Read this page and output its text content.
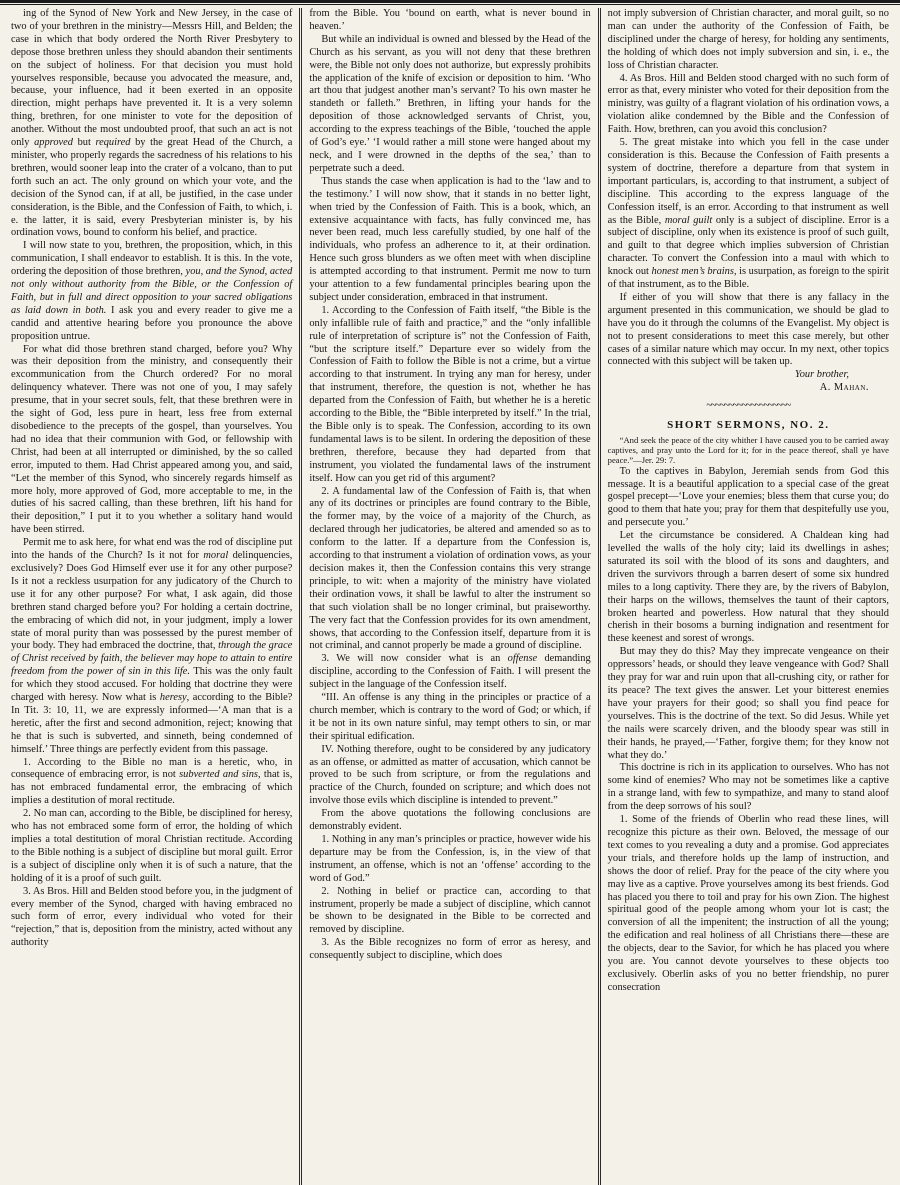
ing of the Synod of New York and New Jersey, in the case of two of your brethren in the ministry—Messrs Hill, and Belden; the case in which that body ordered the North River Presbytery to depose those brethren unless they should abandon their sentiments on the subject of holiness. For that decision you must hold yourselves responsible, because you advocated the measure, and, because, your influence, had it been exerted in an opposite direction, might perhaps have prevented it. It is a very solemn thing, brethren, for one minister to vote for the deposition of another. Without the most undoubted proof, that such an act is not only approved but required by the great Head of the Church, a minister, who properly regards the sacredness of his relations to his brethren, would sooner leap into the crater of a volcano, than to put forth such an act. The only ground on which your vote, and the decision of the Synod can, if at all, be justified, in the case under consideration, is the Bible, and the Confession of Faith, to which, i. e. the latter, it is said, every Presbyterian minister is, by his ordination vows, bound to conform his belief, and practice.

I will now state to you, brethren, the proposition, which, in this communication, I shall endeavor to establish. It is this. In the vote, ordering the deposition of those brethren, you, and the Synod, acted not only without authority from the Bible, or the Confession of Faith, but in full and direct opposition to your sacred obligations as laid down in both. I ask you and every reader to give me a candid and attentive hearing before you pronounce the above proposition untrue.

For what did those brethren stand charged, before you? Why was their deposition from the ministry, and consequently their excommunication from the Church ordered? For no moral delinquency whatever. There was not one of you, I may safely presume, that in your secret souls, felt, that these brethren were in the sight of God, less pure in heart, less free from external disobedience to the precepts of the gospel, than yourselves. You had no idea that their communion with God, or fellowship with Christ, had been at all interrupted or diminished, by the so called error, imputed to them. Had Christ appeared among you, and said, “Let the member of this Synod, who sincerely regards himself as more holy, more approved of God, more acceptable to me, in the duties of his sacred calling, than these brethren, lift his hand for their deposition,” I put it to you whether a solitary hand would have been stirred.

Permit me to ask here, for what end was the rod of discipline put into the hands of the Church? Is it not for moral delinquencies, exclusively? Does God Himself ever use it for any other purpose? Is it not a reckless usurpation for any judicatory of the Church to use it for any other purpose? For what, I ask again, did those brethren stand charged before you? For holding a certain doctrine, the embracing of which did not, in your judgment, imply a lower state of moral purity than was possessed by the purest member of your body. They had embraced the doctrine, that, through the grace of Christ received by faith, the believer may hope to attain to entire freedom from the power of sin in this life. This was the only fault for which they stood accused. For holding that doctrine they were charged with heresy. Now what is heresy, according to the Bible? In Tit. 3: 10, 11, we are expressly informed—‘A man that is a heretic, after the first and second admonition, reject; knowing that he that is such is subverted, and sinneth, being condemned of himself.’ Three things are perfectly evident from this passage.

1. According to the Bible no man is a heretic, who, in consequence of embracing error, is not subverted and sins, that is, has not embraced fundamental error, the embracing of which implies a destitution of moral rectitude.

2. No man can, according to the Bible, be disciplined for heresy, who has not embraced some form of error, the holding of which implies a total destitution of moral Christian rectitude. According to the Bible nothing is a subject of discipline but moral guilt. Error is a subject of discipline only when it is of such a nature, that the holding of it is a proof of such guilt.

3. As Bros. Hill and Belden stood before you, in the judgment of every member of the Synod, charged with having embraced no such form of error, every individual who voted for their “rejection,” that is, deposition from the ministry, acted without any authority

from the Bible. You ‘bound on earth, what is never bound in heaven.’

But while an individual is owned and blessed by the Head of the Church as his servant, as you will not deny that these brethren were, the Bible not only does not authorize, but expressly prohibits the application of the knife of excision or deposition to him. ‘Who art thou that judgest another man’s servant? To his own master he standeth or falleth.” Brethren, in lifting your hands for the deposition of those acknowledged servants of Christ, you, according to the express teachings of the Bible, ‘touched the apple of God’s eye.’ ‘I would rather a mill stone were hanged about my neck, and I were drowned in the depths of the sea,’ than to perpetrate such a deed.

Thus stands the case when application is had to the ‘law and to the testimony.’ I will now show, that it stands in no better light, when tried by the Confession of Faith. This is a book, which, an extensive acquaintance with facts, has fully convinced me, has never been read, much less carefully studied, by one half of the individuals, who profess an adherence to it, at their ordination. Hence such gross blunders as we often meet with when discipline is attempted according to that instrument. Permit me now to turn your attention to a few fundamental principles bearing upon the subject under consideration, embraced in that instrument.

1. According to the Confession of Faith itself, “the Bible is the only infallible rule of faith and practice,” and the “only infallible rule of interpretation of scripture is” not the Confession of Faith, “but the scripture itself.” Departure ever so widely from the Confession of Faith to follow the Bible is not a crime, but a virtue according to that instrument. In trying any man for heresy, under that instrument, therefore, the question is not, whether he has departed from the Confession of Faith, but whether he is a heretic according to the Bible, the “Bible interpreted by itself.” In the trial, the Bible only is to speak. The Confession, according to its own fundamental laws is to be silent. In ordering the deposition of these brethren, therefore, because they had departed from that instrument, you violated the fundamental laws of the instrument itself. How can you get rid of this argument?

2. A fundamental law of the Confession of Faith is, that when any of its doctrines or principles are found contrary to the Bible, the former may, by the voice of a majority of the Church, as declared through her judicatories, be altered and amended so as to conform to the latter. If a departure from the Confession is, according to that instrument a violation of ordination vows, as your decision makes it, then the Confession contains this very strange principle, to wit: when a majority of the ministry have violated their ordination vows, it shall be lawful to alter the instrument so that such violation shall be no longer criminal, but praiseworthy. The very fact that the Confession provides for its own amendment, shows, that according to the Confession itself, departure from it is not criminal, and cannot properly be made a ground of discipline.

3. We will now consider what is an offense demanding discipline, according to the Confession of Faith. I will present the subject in the language of the Confession itself.

“III. An offense is any thing in the principles or practice of a church member, which is contrary to the word of God; or which, if it be not in its own nature sinful, may tempt others to sin, or mar their spiritual edification.

IV. Nothing therefore, ought to be considered by any judicatory as an offense, or admitted as matter of accusation, which cannot be proved to be such from scripture, or from the regulations and practice of the Church, founded on scripture; and which does not involve those evils which discipline is intended to prevent.”

From the above quotations the following conclusions are demonstrably evident.

1. Nothing in any man’s principles or practice, however wide his departure may be from the Confession, is, in the view of that instrument, an offense, which is not an ‘offense’ according to the word of God.”

2. Nothing in belief or practice can, according to that instrument, properly be made a subject of discipline, which cannot be shown to be designated in the Bible to be corrected and removed by discipline.

3. As the Bible recognizes no form of error as heresy, and consequently subject to discipline, which does

not imply subversion of Christian character, and moral guilt, so no man can under the authority of the Confession of Faith, be disciplined under the charge of heresy, for holding any sentiments, the holding of which does not imply subversion and sin, i. e., the loss of Christian character.

4. As Bros. Hill and Belden stood charged with no such form of error as that, every minister who voted for their deposition from the ministry, was guilty of a flagrant violation of his ordination vows, a violation alike condemned by the Bible and the Confession of Faith. How, brethren, can you avoid this conclusion?

5. The great mistake into which you fell in the case under consideration is this. Because the Confession of Faith presents a system of doctrine, therefore a departure from that system in important particulars, is, according to that instrument, a subject of discipline. This according to the express language of the Confession itself, is an error. According to that instrument as well as the Bible, moral guilt only is a subject of discipline. Error is a subject of discipline, only when its existence is proof of such guilt, and guilt to that degree which implies subversion of Christian character. To convert the Confession into a maul with which to knock out honest men’s brains, is usurpation, as foreign to the spirit of that instrument, as to the Bible.

If either of you will show that there is any fallacy in the argument presented in this communication, we should be glad to have you do it through the columns of the Evangelist. My object is not to present considerations to meet this case merely, but other cases of a similar nature which may occur. In my next, other topics connected with this subject will be taken up.

Your brother,

A. Mahan.

~~~~~~~~~~~~~~~~~~~
SHORT SERMONS, NO. 2.

“And seek the peace of the city whither I have caused you to be carried away captives, and pray unto the Lord for it; for in the peace thereof, shall ye have peace.”—Jer. 29: 7.

To the captives in Babylon, Jeremiah sends from God this message. It is a beautiful application to a special case of the great gospel precept—‘Love your enemies; bless them that curse you; do good to them that hate you; pray for them that despitefully use you, and persecute you.’

Let the circumstance be considered. A Chaldean king had levelled the walls of the holy city; laid its dwellings in ashes; saturated its soil with the blood of its sons and daughters, and driven the survivors through a barren desert of some six hundred miles to a long captivity. There they are, by the rivers of Babylon, their harps on the willows, themselves the taunt of their captors, broken hearted and powerless. How natural that they should cherish in their bosoms a burning indignation and resentment for these keenest and sorest of wrongs.

But may they do this? May they imprecate vengeance on their oppressors’ heads, or should they leave vengeance with God? Shall they pray for war and ruin upon that all-crushing city, or rather for its peace? The text gives the answer. Let your bitterest enemies have your prayers for their good; so shall you find peace for yourselves. This is the doctrine of the text. So did Jesus. While yet the nails were scarcely driven, and the bloody spear was still in their hands, he prayed,—‘Father, forgive them; for they know not what they do.’

This doctrine is rich in its application to ourselves. Who has not some kind of enemies? Who may not be sometimes like a captive in a strange land, with few to sympathize, and many to stand aloof from the deep sorrows of his soul?

1. Some of the friends of Oberlin who read these lines, will recognize this picture as their own. Beloved, the message of our text comes to you revealing a duty and a promise. God appreciates your trials, and therefore holds up the lamp of instruction, and shows the door of relief. Pray for the peace of the city where you may live as a captive. Prove yourselves among its best friends. God has placed you there to toil and pray for his own Zion. The highest spiritual good of the people among whom your lot is cast; the conversion of all the impenitent; the instruction of all the young; the edification and real holiness of all Christians there—these are the objects, dear to the Savior, for which he has placed you where you are. You cannot devote yourselves to these objects too exclusively. Oberlin asks of you no better friendship, no purer consecration
